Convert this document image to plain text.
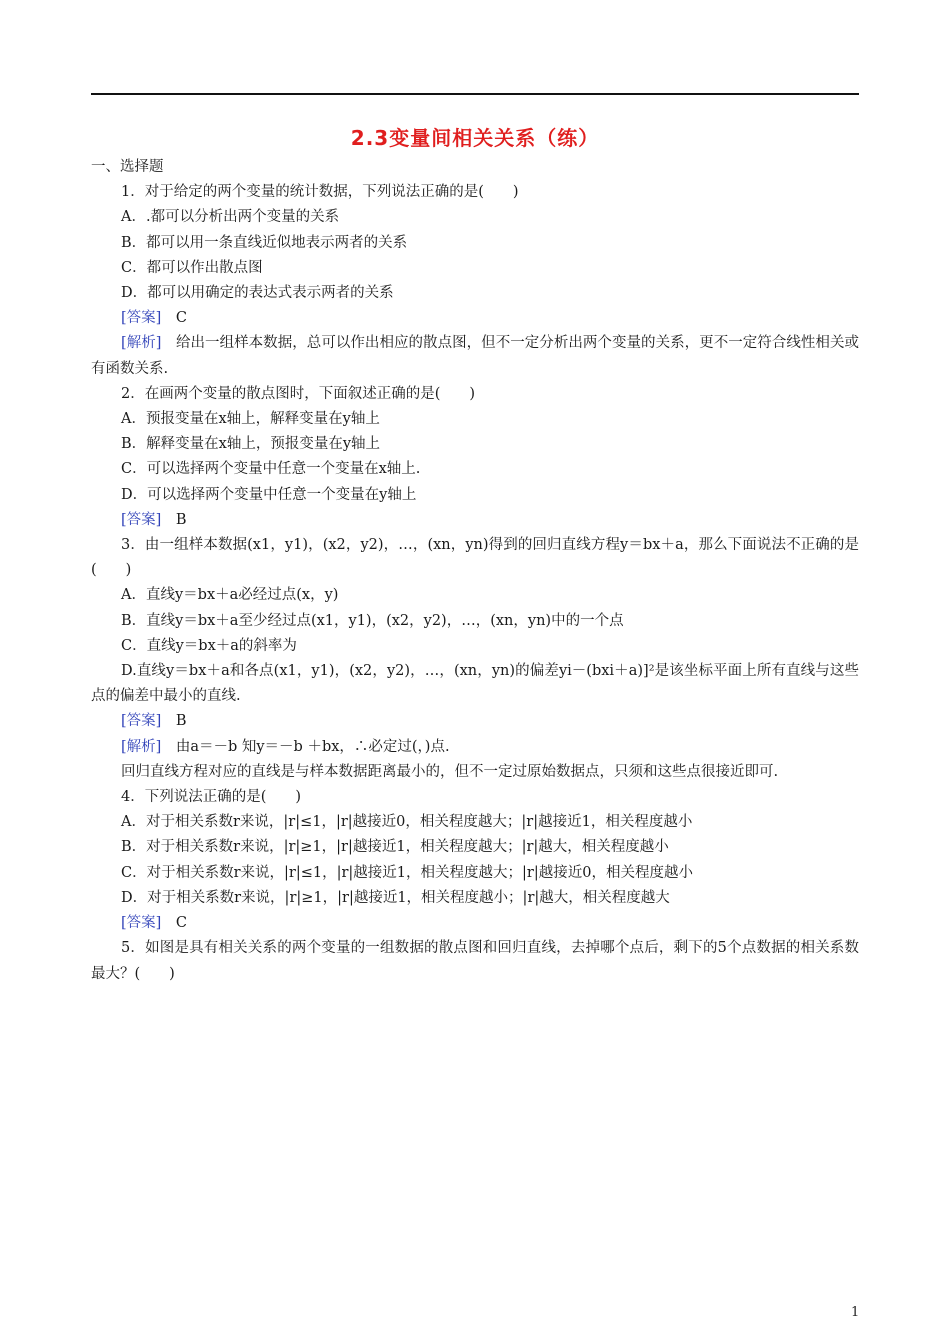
2.3变量间相关关系（练）
一、选择题
1．对于给定的两个变量的统计数据，下列说法正确的是(　　)
A．.都可以分析出两个变量的关系
B．都可以用一条直线近似地表示两者的关系
C．都可以作出散点图
D．都可以用确定的表达式表示两者的关系
[答案]　C
[解析]　给出一组样本数据，总可以作出相应的散点图，但不一定分析出两个变量的关系，更不一定符合线性相关或有函数关系.
2．在画两个变量的散点图时，下面叙述正确的是(　　)
A．预报变量在x轴上，解释变量在y轴上
B．解释变量在x轴上，预报变量在y轴上
C．可以选择两个变量中任意一个变量在x轴上.
D．可以选择两个变量中任意一个变量在y轴上
[答案]　B
3．由一组样本数据(x1，y1)，(x2，y2)，…，(xn，yn)得到的回归直线方程y＝bx＋a，那么下面说法不正确的是(　　)
A．直线y＝bx＋a必经过点(x，y)
B．直线y＝bx＋a至少经过点(x1，y1)，(x2，y2)，…，(xn，yn)中的一个点
C．直线y＝bx＋a的斜率为
D.直线y＝bx＋a和各点(x1，y1)，(x2，y2)，…，(xn，yn)的偏差yi－(bxi＋a)]²是该坐标平面上所有直线与这些点的偏差中最小的直线.
[答案]　B
[解析]　由a＝－b 知y＝－b ＋bx，∴必定过(，)点.
回归直线方程对应的直线是与样本数据距离最小的，但不一定过原始数据点，只须和这些点很接近即可.
4．下列说法正确的是(　　)
A．对于相关系数r来说，|r|≤1，|r|越接近0，相关程度越大；|r|越接近1，相关程度越小
B．对于相关系数r来说，|r|≥1，|r|越接近1，相关程度越大；|r|越大，相关程度越小
C．对于相关系数r来说，|r|≤1，|r|越接近1，相关程度越大；|r|越接近0，相关程度越小
D．对于相关系数r来说，|r|≥1，|r|越接近1，相关程度越小；|r|越大，相关程度越大
[答案]　C
5．如图是具有相关关系的两个变量的一组数据的散点图和回归直线，去掉哪个点后，剩下的5个点数据的相关系数最大？(　　)
1
